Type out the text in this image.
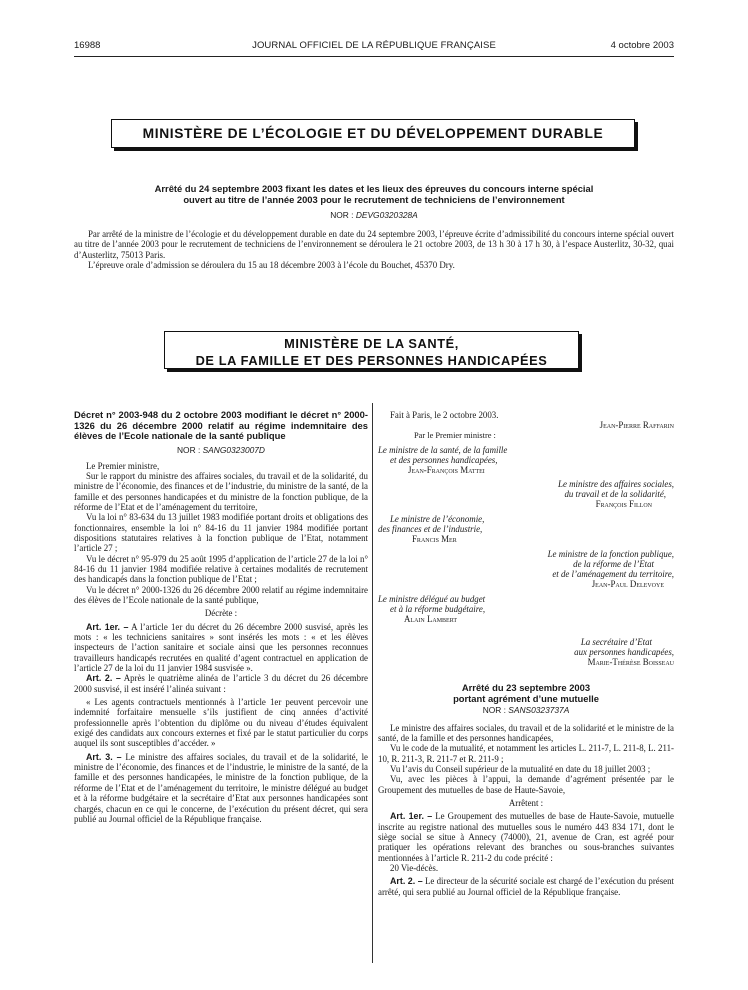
16988	JOURNAL OFFICIEL DE LA RÉPUBLIQUE FRANÇAISE	4 octobre 2003
MINISTÈRE DE L’ÉCOLOGIE ET DU DÉVELOPPEMENT DURABLE
Arrêté du 24 septembre 2003 fixant les dates et les lieux des épreuves du concours interne spécial
ouvert au titre de l’année 2003 pour le recrutement de techniciens de l’environnement
NOR : DEVG0320328A

Par arrêté de la ministre de l’écologie et du développement durable en date du 24 septembre 2003, l’épreuve écrite d’admissibilité du concours interne spécial ouvert au titre de l’année 2003 pour le recrutement de techniciens de l’environnement se déroulera le 21 octobre 2003, de 13 h 30 à 17 h 30, à l’espace Austerlitz, 30-32, quai d’Austerlitz, 75013 Paris.

L’épreuve orale d’admission se déroulera du 15 au 18 décembre 2003 à l’école du Bouchet, 45370 Dry.

MINISTÈRE DE LA SANTÉ,
DE LA FAMILLE ET DES PERSONNES HANDICAPÉES
Décret n° 2003-948 du 2 octobre 2003 modifiant le décret n° 2000-1326 du 26 décembre 2000 relatif au régime indemnitaire des élèves de l’Ecole nationale de la santé publique
NOR : SANG0323007D

Le Premier ministre,

Sur le rapport du ministre des affaires sociales, du travail et de la solidarité, du ministre de l’économie, des finances et de l’industrie, du ministre de la santé, de la famille et des personnes handicapées et du ministre de la fonction publique, de la réforme de l’Etat et de l’aménagement du territoire,

Vu la loi n° 83-634 du 13 juillet 1983 modifiée portant droits et obligations des fonctionnaires, ensemble la loi n° 84-16 du 11 janvier 1984 modifiée portant dispositions statutaires relatives à la fonction publique de l’Etat, notamment l’article 27 ;

Vu le décret n° 95-979 du 25 août 1995 d’application de l’article 27 de la loi n° 84-16 du 11 janvier 1984 modifiée relative à certaines modalités de recrutement des handicapés dans la fonction publique de l’Etat ;

Vu le décret n° 2000-1326 du 26 décembre 2000 relatif au régime indemnitaire des élèves de l’Ecole nationale de la santé publique,

Décrète :

Art. 1er. – A l’article 1er du décret du 26 décembre 2000 susvisé, après les mots : « les techniciens sanitaires » sont insérés les mots : « et les élèves inspecteurs de l’action sanitaire et sociale ainsi que les personnes reconnues travailleurs handicapés recrutées en qualité d’agent contractuel en application de l’article 27 de la loi du 11 janvier 1984 susvisée ».

Art. 2. – Après le quatrième alinéa de l’article 3 du décret du 26 décembre 2000 susvisé, il est inséré l’alinéa suivant :

« Les agents contractuels mentionnés à l’article 1er peuvent percevoir une indemnité forfaitaire mensuelle s’ils justifient de cinq années d’activité professionnelle après l’obtention du diplôme ou du niveau d’études équivalent exigé des candidats aux concours externes et fixé par le statut particulier du corps auquel ils sont susceptibles d’accéder. »

Art. 3. – Le ministre des affaires sociales, du travail et de la solidarité, le ministre de l’économie, des finances et de l’industrie, le ministre de la santé, de la famille et des personnes handicapées, le ministre de la fonction publique, de la réforme de l’Etat et de l’aménagement du territoire, le ministre délégué au budget et à la réforme budgétaire et la secrétaire d’Etat aux personnes handicapées sont chargés, chacun en ce qui le concerne, de l’exécution du présent décret, qui sera publié au Journal officiel de la République française.

Fait à Paris, le 2 octobre 2003.
Jean-Pierre Raffarin
Par le Premier ministre :
Le ministre de la santé, de la famille
et des personnes handicapées,
Jean-François Mattei
Le ministre des affaires sociales,
du travail et de la solidarité,
François Fillon
Le ministre de l’économie,
des finances et de l’industrie,
Francis Mer
Le ministre de la fonction publique,
de la réforme de l’Etat
et de l’aménagement du territoire,
Jean-Paul Delevoye
Le ministre délégué au budget
et à la réforme budgétaire,
Alain Lambert
La secrétaire d’Etat
aux personnes handicapées,
Marie-Thérèse Boisseau
Arrêté du 23 septembre 2003
portant agrément d’une mutuelle
NOR : SANS0323737A

Le ministre des affaires sociales, du travail et de la solidarité et le ministre de la santé, de la famille et des personnes handicapées,

Vu le code de la mutualité, et notamment les articles L. 211-7, L. 211-8, L. 211-10, R. 211-3, R. 211-7 et R. 211-9 ;

Vu l’avis du Conseil supérieur de la mutualité en date du 18 juillet 2003 ;

Vu, avec les pièces à l’appui, la demande d’agrément présentée par le Groupement des mutuelles de base de Haute-Savoie,

Arrêtent :

Art. 1er. – Le Groupement des mutuelles de base de Haute-Savoie, mutuelle inscrite au registre national des mutuelles sous le numéro 443 834 171, dont le siège social se situe à Annecy (74000), 21, avenue de Cran, est agréé pour pratiquer les opérations relevant des branches ou sous-branches suivantes mentionnées à l’article R. 211-2 du code précité :

20 Vie-décès.

Art. 2. – Le directeur de la sécurité sociale est chargé de l’exécution du présent arrêté, qui sera publié au Journal officiel de la République française.
